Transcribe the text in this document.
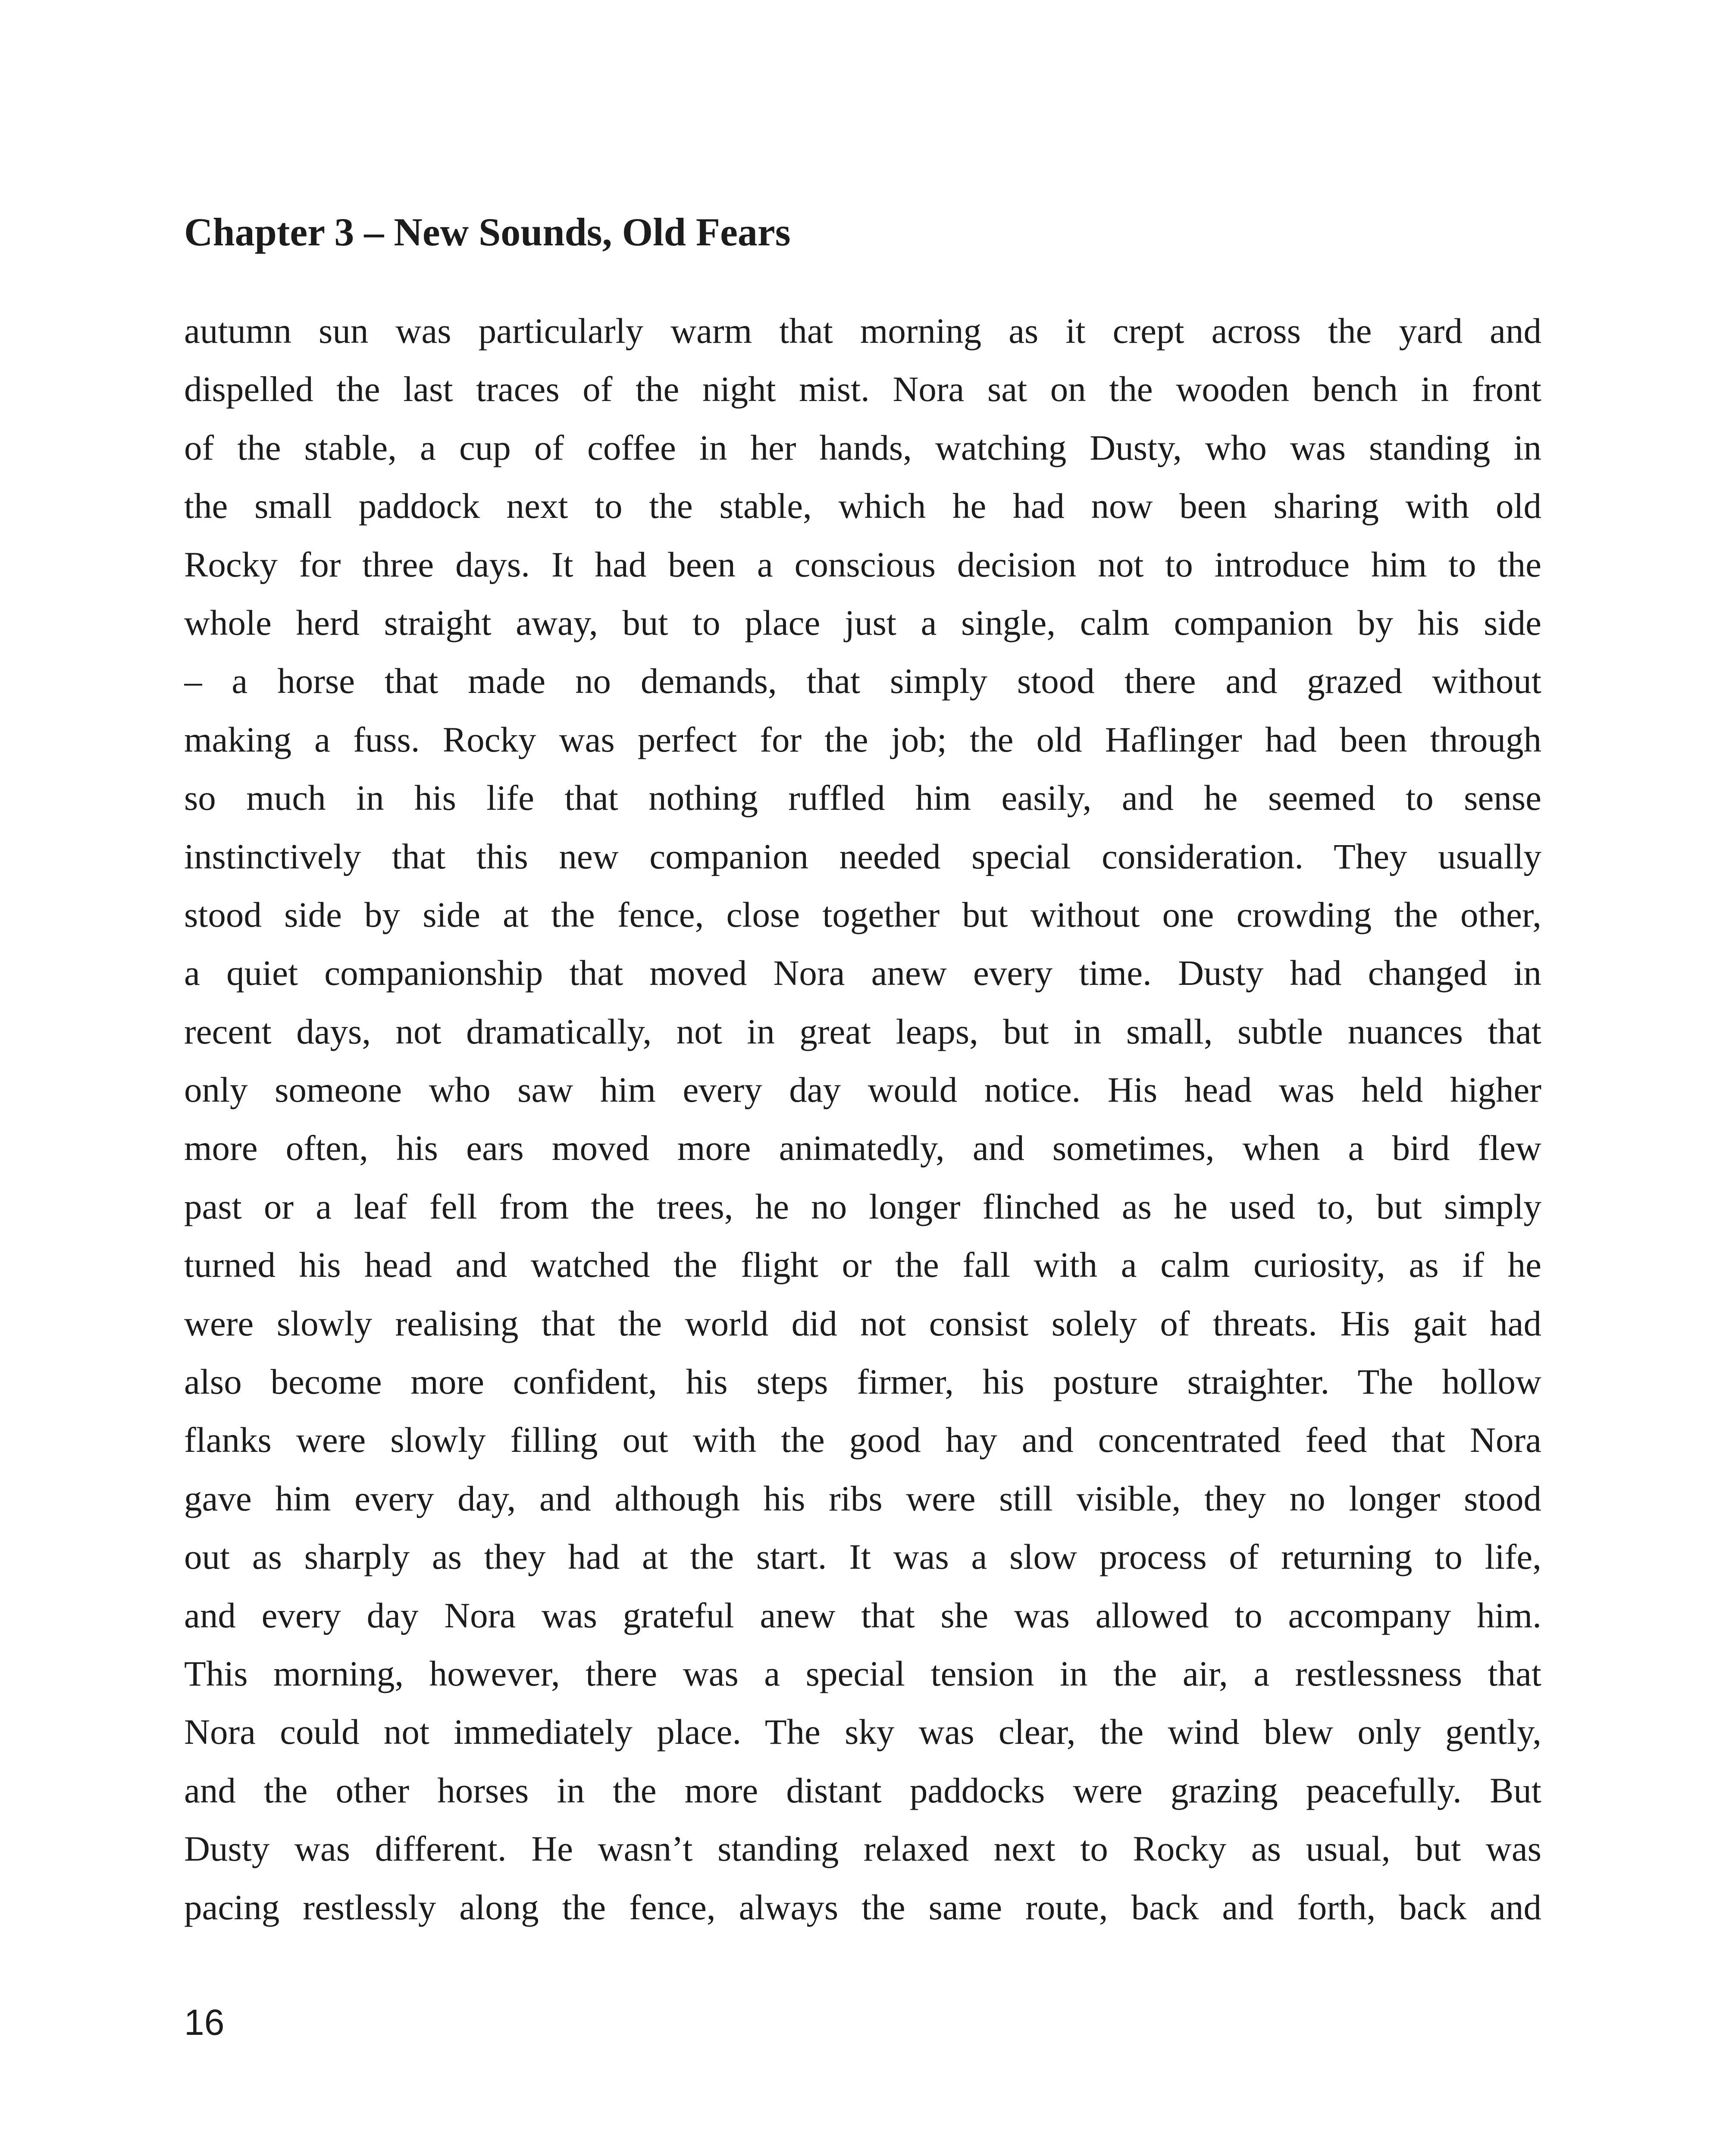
Chapter 3 – New Sounds, Old Fears
autumn sun was particularly warm that morning as it crept across the yard and
dispelled the last traces of the night mist. Nora sat on the wooden bench in front
of the stable, a cup of coffee in her hands, watching Dusty, who was standing in
the small paddock next to the stable, which he had now been sharing with old
Rocky for three days. It had been a conscious decision not to introduce him to the
whole herd straight away, but to place just a single, calm companion by his side
– a horse that made no demands, that simply stood there and grazed without
making a fuss. Rocky was perfect for the job; the old Haflinger had been through
so much in his life that nothing ruffled him easily, and he seemed to sense
instinctively that this new companion needed special consideration. They usually
stood side by side at the fence, close together but without one crowding the other,
a quiet companionship that moved Nora anew every time. Dusty had changed in
recent days, not dramatically, not in great leaps, but in small, subtle nuances that
only someone who saw him every day would notice. His head was held higher
more often, his ears moved more animatedly, and sometimes, when a bird flew
past or a leaf fell from the trees, he no longer flinched as he used to, but simply
turned his head and watched the flight or the fall with a calm curiosity, as if he
were slowly realising that the world did not consist solely of threats. His gait had
also become more confident, his steps firmer, his posture straighter. The hollow
flanks were slowly filling out with the good hay and concentrated feed that Nora
gave him every day, and although his ribs were still visible, they no longer stood
out as sharply as they had at the start. It was a slow process of returning to life,
and every day Nora was grateful anew that she was allowed to accompany him.
This morning, however, there was a special tension in the air, a restlessness that
Nora could not immediately place. The sky was clear, the wind blew only gently,
and the other horses in the more distant paddocks were grazing peacefully. But
Dusty was different. He wasn’t standing relaxed next to Rocky as usual, but was
pacing restlessly along the fence, always the same route, back and forth, back and
16
